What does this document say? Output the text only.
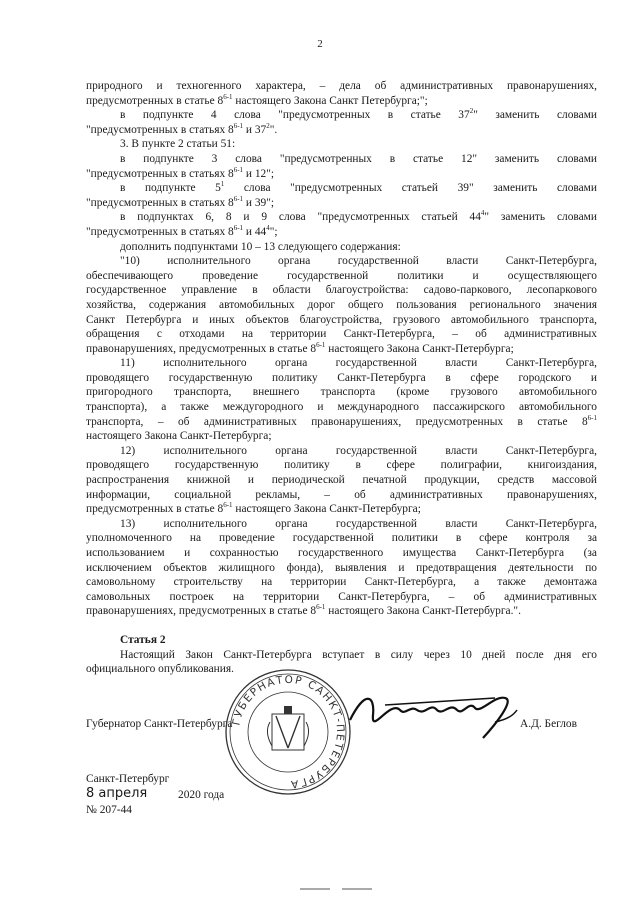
2
природного и техногенного характера, – дела об административных правонарушениях,
предусмотренных в статье 8$^{6-1}$ настоящего Закона Санкт Петербурга;";
в подпункте 4 слова "предусмотренных в статье $37^2$" заменить словами
"предусмотренных в статьях 8$^{6-1}$ и $37^2$".
3. В пункте 2 статьи 51:
в подпункте 3 слова "предусмотренных в статье 12" заменить словами
"предусмотренных в статьях 8$^{6-1}$ и 12";
в подпункте $5^1$ слова "предусмотренных статьей 39" заменить словами
"предусмотренных в статьях 8$^{6-1}$ и 39";
в подпунктах 6, 8 и 9 слова "предусмотренных статьей $44^4$" заменить словами
"предусмотренных в статьях 8$^{6-1}$ и $44^4$";
дополнить подпунктами 10 – 13 следующего содержания:
"10) исполнительного органа государственной власти Санкт-Петербурга,
обеспечивающего проведение государственной политики и осуществляющего
государственное управление в области благоустройства: садово-паркового, лесопаркового
хозяйства, содержания автомобильных дорог общего пользования регионального значения
Санкт Петербурга и иных объектов благоустройства, грузового автомобильного транспорта,
обращения с отходами на территории Санкт-Петербурга, – об административных
правонарушениях, предусмотренных в статье 8$^{6-1}$ настоящего Закона Санкт-Петербурга;
11) исполнительного органа государственной власти Санкт-Петербурга,
проводящего государственную политику Санкт-Петербурга в сфере городского и
пригородного транспорта, внешнего транспорта (кроме грузового автомобильного
транспорта), а также междугородного и международного пассажирского автомобильного
транспорта, – об административных правонарушениях, предусмотренных в статье 8$^{6-1}$
настоящего Закона Санкт-Петербурга;
12) исполнительного органа государственной власти Санкт-Петербурга,
проводящего государственную политику в сфере полиграфии, книгоиздания,
распространения книжной и периодической печатной продукции, средств массовой
информации, социальной рекламы, – об административных правонарушениях,
предусмотренных в статье 8$^{6-1}$ настоящего Закона Санкт-Петербурга;
13) исполнительного органа государственной власти Санкт-Петербурга,
уполномоченного на проведение государственной политики в сфере контроля за
использованием и сохранностью государственного имущества Санкт-Петербурга (за
исключением объектов жилищного фонда), выявления и предотвращения деятельности по
самовольному строительству на территории Санкт-Петербурга, а также демонтажа
самовольных построек на территории Санкт-Петербурга, – об административных
правонарушениях, предусмотренных в статье 8$^{6-1}$ настоящего Закона Санкт-Петербурга.".
Статья 2
Настоящий Закон Санкт-Петербурга вступает в силу через 10 дней после дня его
официального опубликования.
ГУБЕРНАТОР САНКТ-ПЕТЕРБУРГА
Губернатор Санкт-Петербурга	А.Д. Беглов
Санкт-Петербург
8 апреля	2020 года
№ 207-44
